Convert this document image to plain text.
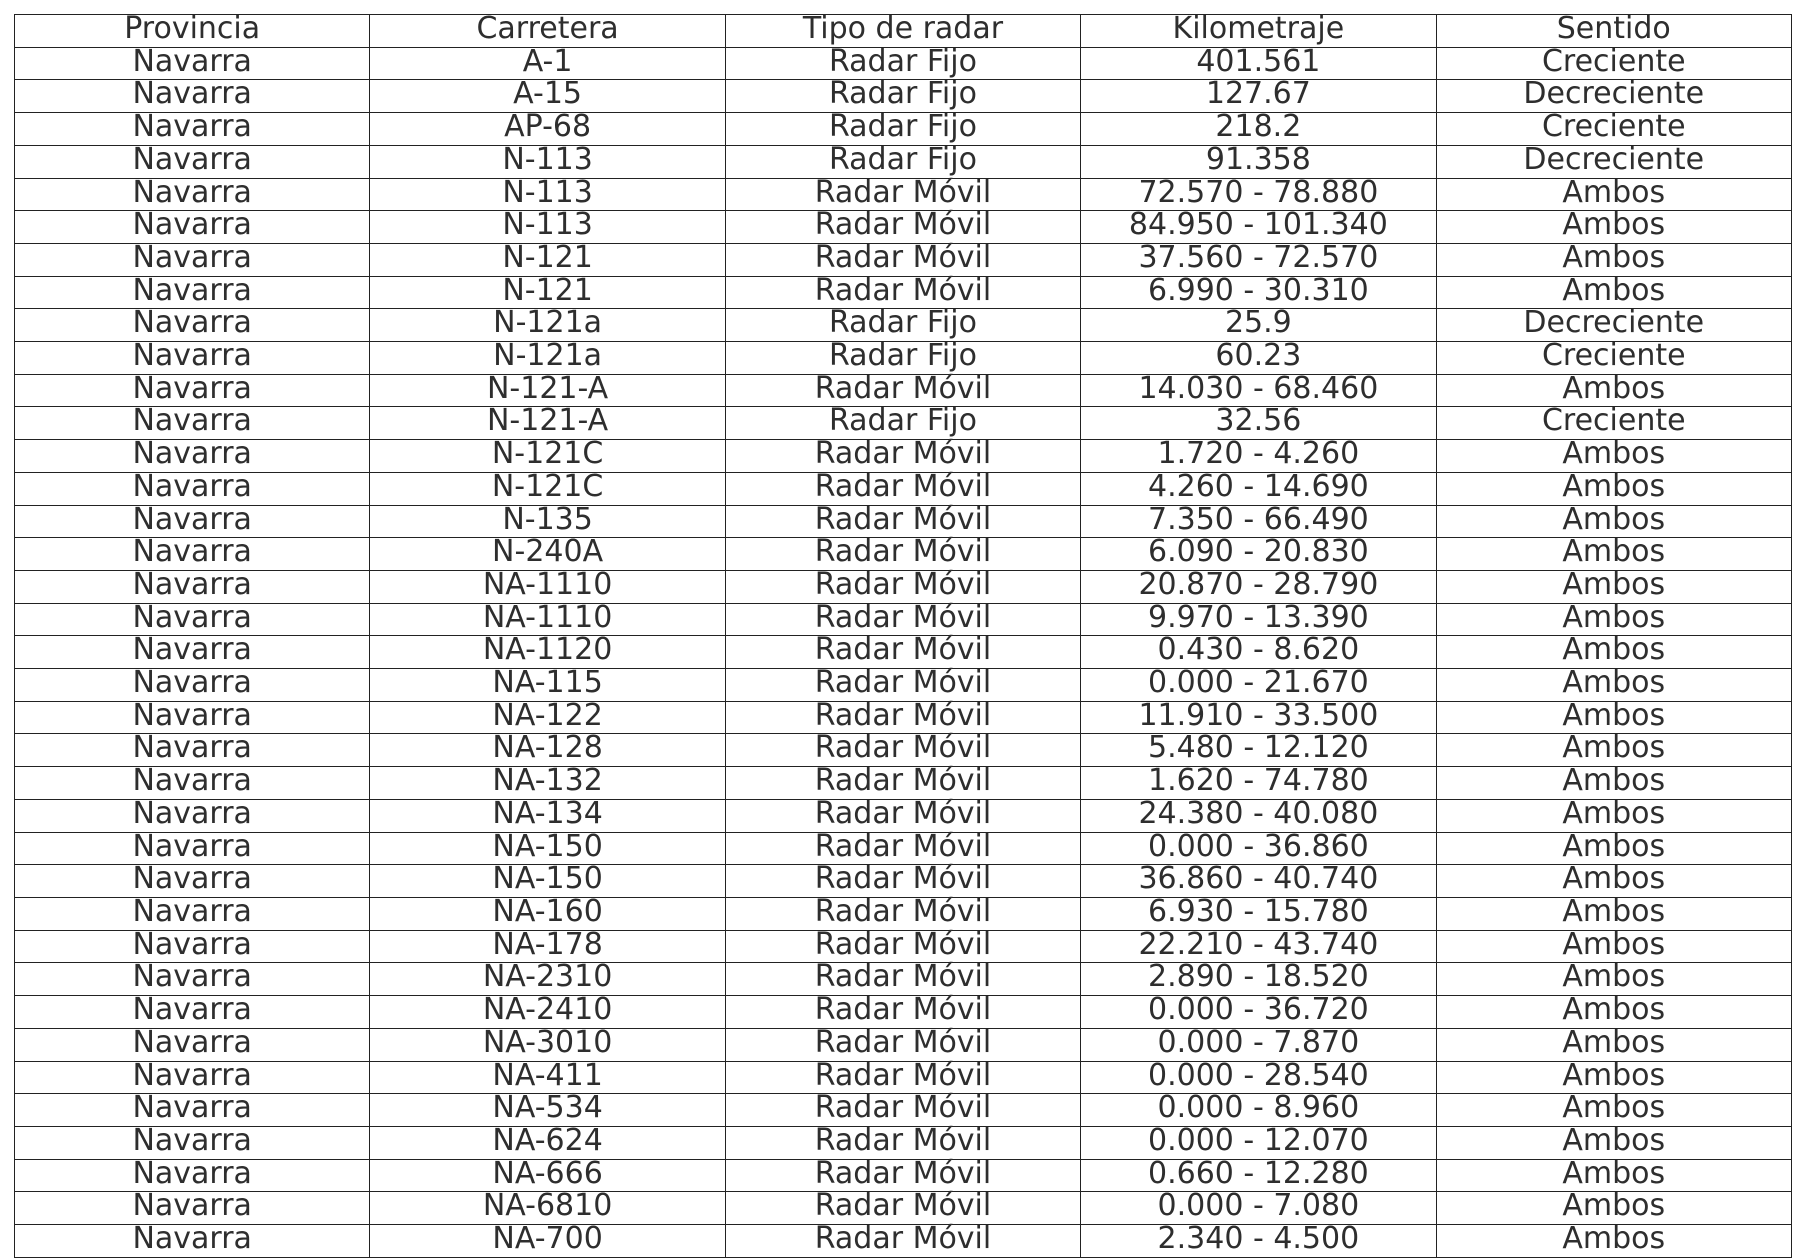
Provincia	Carretera	Tipo de radar	Kilometraje	Sentido
Navarra	A-1	Radar Fijo	401.561	Creciente
Navarra	A-15	Radar Fijo	127.67	Decreciente
Navarra	AP-68	Radar Fijo	218.2	Creciente
Navarra	N-113	Radar Fijo	91.358	Decreciente
Navarra	N-113	Radar Móvil	72.570 - 78.880	Ambos
Navarra	N-113	Radar Móvil	84.950 - 101.340	Ambos
Navarra	N-121	Radar Móvil	37.560 - 72.570	Ambos
Navarra	N-121	Radar Móvil	6.990 - 30.310	Ambos
Navarra	N-121a	Radar Fijo	25.9	Decreciente
Navarra	N-121a	Radar Fijo	60.23	Creciente
Navarra	N-121-A	Radar Móvil	14.030 - 68.460	Ambos
Navarra	N-121-A	Radar Fijo	32.56	Creciente
Navarra	N-121C	Radar Móvil	1.720 - 4.260	Ambos
Navarra	N-121C	Radar Móvil	4.260 - 14.690	Ambos
Navarra	N-135	Radar Móvil	7.350 - 66.490	Ambos
Navarra	N-240A	Radar Móvil	6.090 - 20.830	Ambos
Navarra	NA-1110	Radar Móvil	20.870 - 28.790	Ambos
Navarra	NA-1110	Radar Móvil	9.970 - 13.390	Ambos
Navarra	NA-1120	Radar Móvil	0.430 - 8.620	Ambos
Navarra	NA-115	Radar Móvil	0.000 - 21.670	Ambos
Navarra	NA-122	Radar Móvil	11.910 - 33.500	Ambos
Navarra	NA-128	Radar Móvil	5.480 - 12.120	Ambos
Navarra	NA-132	Radar Móvil	1.620 - 74.780	Ambos
Navarra	NA-134	Radar Móvil	24.380 - 40.080	Ambos
Navarra	NA-150	Radar Móvil	0.000 - 36.860	Ambos
Navarra	NA-150	Radar Móvil	36.860 - 40.740	Ambos
Navarra	NA-160	Radar Móvil	6.930 - 15.780	Ambos
Navarra	NA-178	Radar Móvil	22.210 - 43.740	Ambos
Navarra	NA-2310	Radar Móvil	2.890 - 18.520	Ambos
Navarra	NA-2410	Radar Móvil	0.000 - 36.720	Ambos
Navarra	NA-3010	Radar Móvil	0.000 - 7.870	Ambos
Navarra	NA-411	Radar Móvil	0.000 - 28.540	Ambos
Navarra	NA-534	Radar Móvil	0.000 - 8.960	Ambos
Navarra	NA-624	Radar Móvil	0.000 - 12.070	Ambos
Navarra	NA-666	Radar Móvil	0.660 - 12.280	Ambos
Navarra	NA-6810	Radar Móvil	0.000 - 7.080	Ambos
Navarra	NA-700	Radar Móvil	2.340 - 4.500	Ambos
